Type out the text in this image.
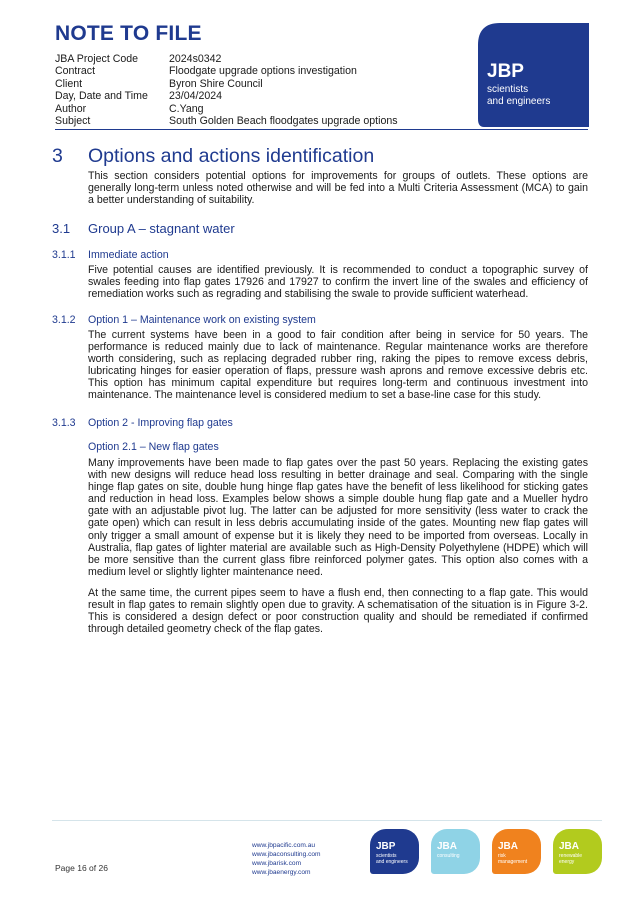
NOTE TO FILE
JBA Project Code	2024s0342
Contract	Floodgate upgrade options investigation
Client	Byron Shire Council
Day, Date and Time	23/04/2024
Author	C.Yang
Subject	South Golden Beach floodgates upgrade options
JBP
scientists
and engineers
3 Options and actions identification
This section considers potential options for improvements for groups of outlets. These options are generally long-term unless noted otherwise and will be fed into a Multi Criteria Assessment (MCA) to gain a better understanding of suitability.
3.1 Group A – stagnant water
3.1.1 Immediate action
Five potential causes are identified previously. It is recommended to conduct a topographic survey of swales feeding into flap gates 17926 and 17927 to confirm the invert line of the swales and efficiency of remediation works such as regrading and stabilising the swale to provide sufficient waterhead.
3.1.2 Option 1 – Maintenance work on existing system
The current systems have been in a good to fair condition after being in service for 50 years. The performance is reduced mainly due to lack of maintenance. Regular maintenance works are therefore worth considering, such as replacing degraded rubber ring, raking the pipes to remove excess debris, lubricating hinges for easier operation of flaps, pressure wash aprons and remove excessive debris etc. This option has minimum capital expenditure but requires long-term and continuous investment into maintenance. The maintenance level is considered medium to set a base-line case for this study.
3.1.3 Option 2 - Improving flap gates
Option 2.1 – New flap gates
Many improvements have been made to flap gates over the past 50 years. Replacing the existing gates with new designs will reduce head loss resulting in better drainage and seal. Comparing with the single hinge flap gates on site, double hung hinge flap gates have the benefit of less likelihood for sticking gates and reduction in head loss. Examples below shows a simple double hung flap gate and a Mueller hydro gate with an adjustable pivot lug. The latter can be adjusted for more sensitivity (less water to crack the gate open) which can result in less debris accumulating inside of the gates. Mounting new flap gates will only trigger a small amount of expense but it is likely they need to be imported from overseas. Locally in Australia, flap gates of lighter material are available such as High-Density Polyethylene (HDPE) which will be more sensitive than the current glass fibre reinforced polymer gates. This option also comes with a medium level or slightly lighter maintenance need.
At the same time, the current pipes seem to have a flush end, then connecting to a flap gate. This would result in flap gates to remain slightly open due to gravity. A schematisation of the situation is in Figure 3-2. This is considered a design defect or poor construction quality and should be remediated if confirmed through detailed geometry check of the flap gates.
Page 16 of 26
www.jbpacific.com.au
www.jbaconsulting.com
www.jbarisk.com
www.jbaenergy.com
JBP
scientists
and engineers
JBA
consulting
JBA
risk
management
JBA
renewable
energy
